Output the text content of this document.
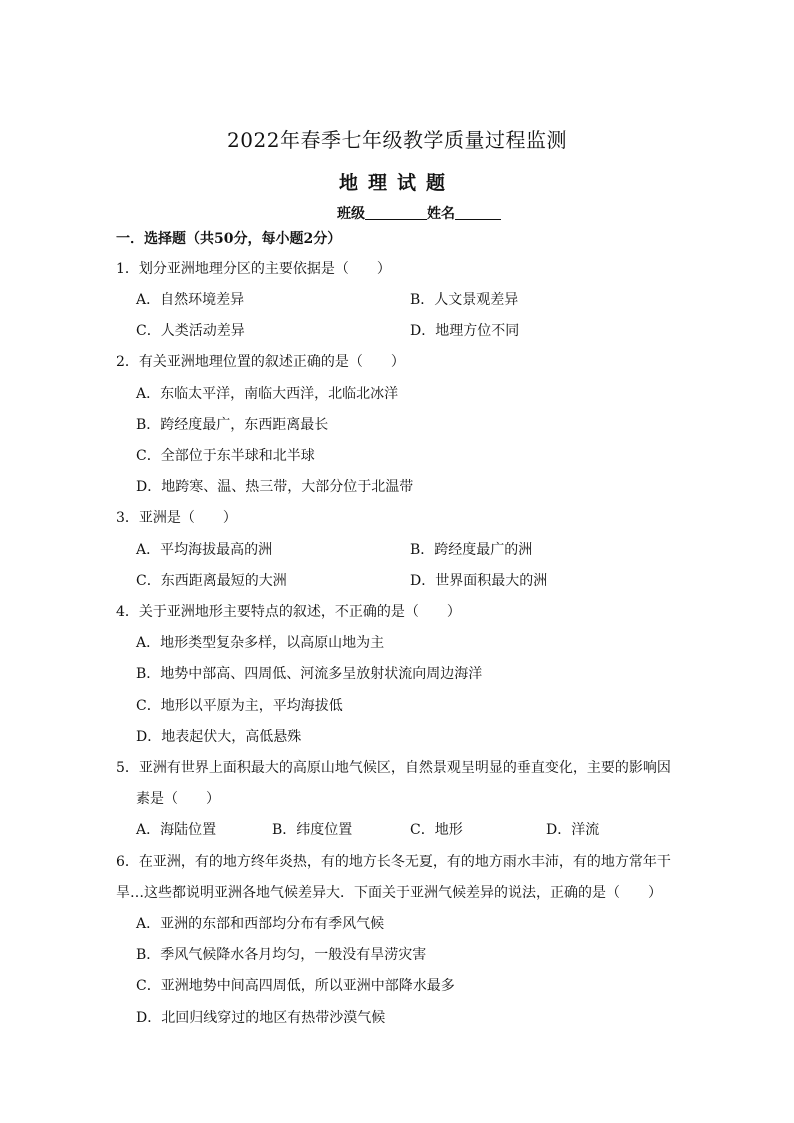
2022年春季七年级教学质量过程监测
地理试题
班级	姓名
一．选择题（共50分，每小题2分）
1．划分亚洲地理分区的主要依据是（　　）
A．自然环境差异	B．人文景观差异
C．人类活动差异	D．地理方位不同
2．有关亚洲地理位置的叙述正确的是（　　）
A．东临太平洋，南临大西洋，北临北冰洋
B．跨经度最广，东西距离最长
C．全部位于东半球和北半球
D．地跨寒、温、热三带，大部分位于北温带
3．亚洲是（　　）
A．平均海拔最高的洲	B．跨经度最广的洲
C．东西距离最短的大洲	D．世界面积最大的洲
4．关于亚洲地形主要特点的叙述，不正确的是（　　）
A．地形类型复杂多样，以高原山地为主
B．地势中部高、四周低、河流多呈放射状流向周边海洋
C．地形以平原为主，平均海拔低
D．地表起伏大，高低悬殊
5．亚洲有世界上面积最大的高原山地气候区，自然景观呈明显的垂直变化，主要的影响因
素是（　　）
A．海陆位置	B．纬度位置	C．地形	D．洋流
6．在亚洲，有的地方终年炎热，有的地方长冬无夏，有的地方雨水丰沛，有的地方常年干
旱…这些都说明亚洲各地气候差异大．下面关于亚洲气候差异的说法，正确的是（　　）
A．亚洲的东部和西部均分布有季风气候
B．季风气候降水各月均匀，一般没有旱涝灾害
C．亚洲地势中间高四周低，所以亚洲中部降水最多
D．北回归线穿过的地区有热带沙漠气候
